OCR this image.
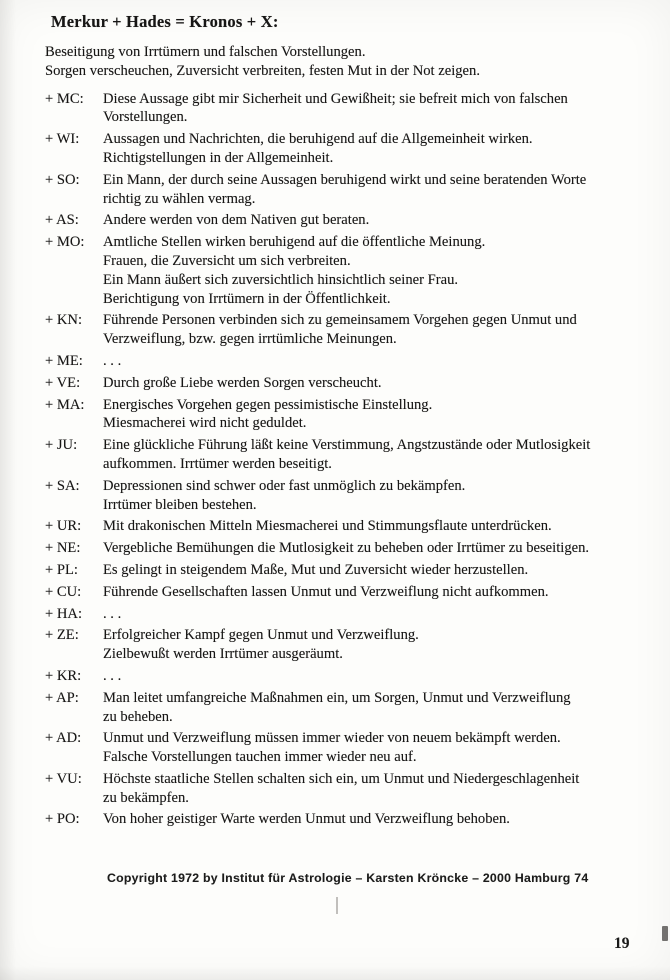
Merkur + Hades = Kronos + X:
Beseitigung von Irrtümern und falschen Vorstellungen.
Sorgen verscheuchen, Zuversicht verbreiten, festen Mut in der Not zeigen.
+ MC:	Diese Aussage gibt mir Sicherheit und Gewißheit; sie befreit mich von falschen
Vorstellungen.
+ WI:	Aussagen und Nachrichten, die beruhigend auf die Allgemeinheit wirken.
Richtigstellungen in der Allgemeinheit.
+ SO:	Ein Mann, der durch seine Aussagen beruhigend wirkt und seine beratenden Worte
richtig zu wählen vermag.
+ AS:	Andere werden von dem Nativen gut beraten.
+ MO:	Amtliche Stellen wirken beruhigend auf die öffentliche Meinung.
Frauen, die Zuversicht um sich verbreiten.
Ein Mann äußert sich zuversichtlich hinsichtlich seiner Frau.
Berichtigung von Irrtümern in der Öffentlichkeit.
+ KN:	Führende Personen verbinden sich zu gemeinsamem Vorgehen gegen Unmut und
Verzweiflung, bzw. gegen irrtümliche Meinungen.
+ ME:	. . .
+ VE:	Durch große Liebe werden Sorgen verscheucht.
+ MA:	Energisches Vorgehen gegen pessimistische Einstellung.
Miesmacherei wird nicht geduldet.
+ JU:	Eine glückliche Führung läßt keine Verstimmung, Angstzustände oder Mutlosigkeit
aufkommen. Irrtümer werden beseitigt.
+ SA:	Depressionen sind schwer oder fast unmöglich zu bekämpfen.
Irrtümer bleiben bestehen.
+ UR:	Mit drakonischen Mitteln Miesmacherei und Stimmungsflaute unterdrücken.
+ NE:	Vergebliche Bemühungen die Mutlosigkeit zu beheben oder Irrtümer zu beseitigen.
+ PL:	Es gelingt in steigendem Maße, Mut und Zuversicht wieder herzustellen.
+ CU:	Führende Gesellschaften lassen Unmut und Verzweiflung nicht aufkommen.
+ HA:	. . .
+ ZE:	Erfolgreicher Kampf gegen Unmut und Verzweiflung.
Zielbewußt werden Irrtümer ausgeräumt.
+ KR:	. . .
+ AP:	Man leitet umfangreiche Maßnahmen ein, um Sorgen, Unmut und Verzweiflung
zu beheben.
+ AD:	Unmut und Verzweiflung müssen immer wieder von neuem bekämpft werden.
Falsche Vorstellungen tauchen immer wieder neu auf.
+ VU:	Höchste staatliche Stellen schalten sich ein, um Unmut und Niedergeschlagenheit
zu bekämpfen.
+ PO:	Von hoher geistiger Warte werden Unmut und Verzweiflung behoben.
Copyright 1972 by Institut für Astrologie – Karsten Kröncke – 2000 Hamburg 74
19
